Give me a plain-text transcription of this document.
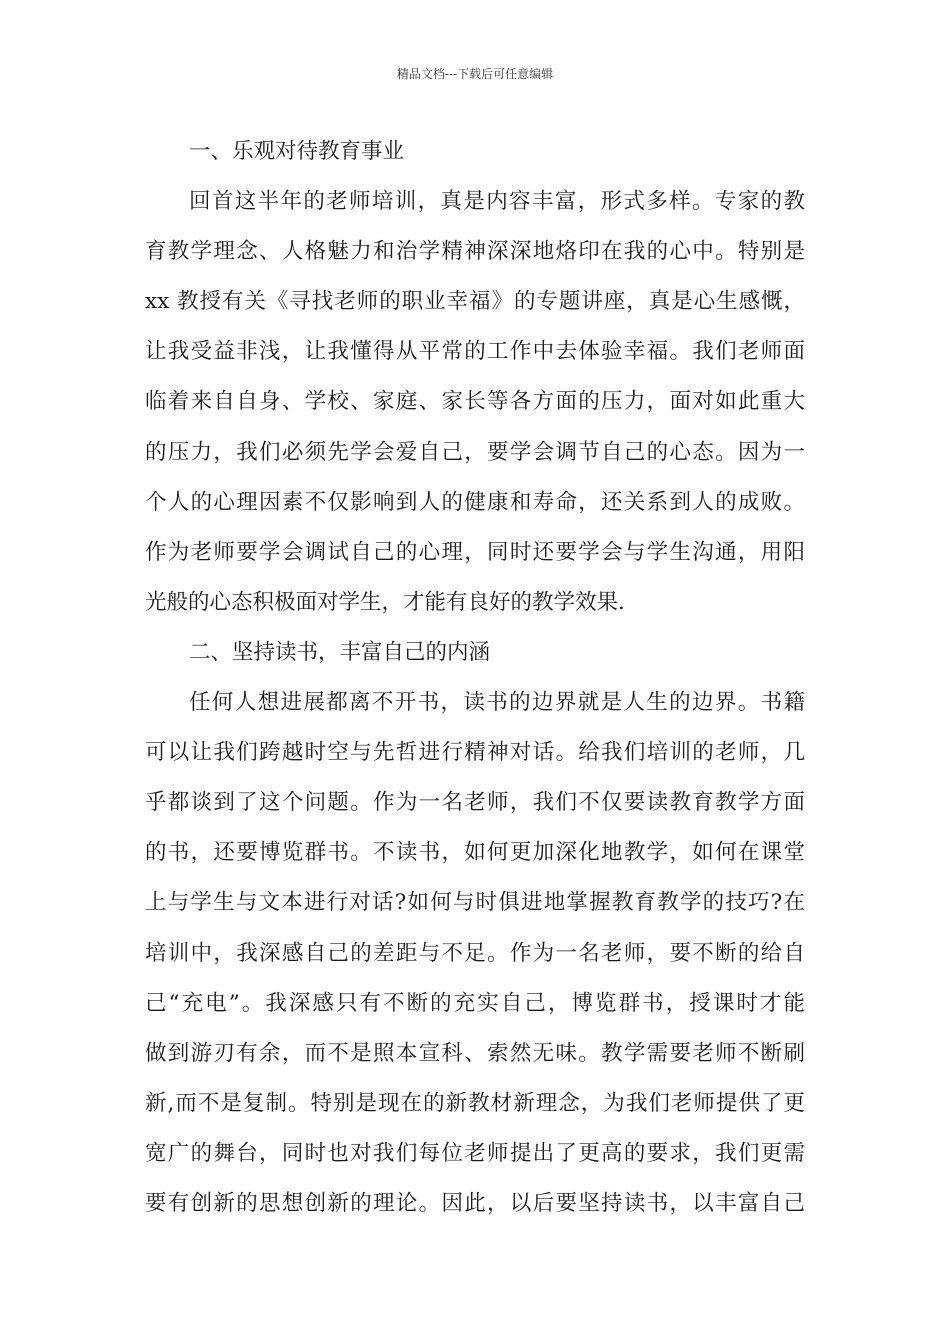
精品文档---下载后可任意编辑
一、乐观对待教育事业
回首这半年的老师培训，真是内容丰富，形式多样。专家的教
育教学理念、人格魅力和治学精神深深地烙印在我的心中。特别是
xx 教授有关《寻找老师的职业幸福》的专题讲座，真是心生感慨，
让我受益非浅，让我懂得从平常的工作中去体验幸福。我们老师面
临着来自自身、学校、家庭、家长等各方面的压力，面对如此重大
的压力，我们必须先学会爱自己，要学会调节自己的心态。因为一
个人的心理因素不仅影响到人的健康和寿命，还关系到人的成败。
作为老师要学会调试自己的心理，同时还要学会与学生沟通，用阳
光般的心态积极面对学生，才能有良好的教学效果.
二、坚持读书，丰富自己的内涵
任何人想进展都离不开书，读书的边界就是人生的边界。书籍
可以让我们跨越时空与先哲进行精神对话。给我们培训的老师，几
乎都谈到了这个问题。作为一名老师，我们不仅要读教育教学方面
的书，还要博览群书。不读书，如何更加深化地教学，如何在课堂
上与学生与文本进行对话?如何与时俱进地掌握教育教学的技巧?在
培训中，我深感自己的差距与不足。作为一名老师，要不断的给自
己“充电”。我深感只有不断的充实自己，博览群书，授课时才能
做到游刃有余，而不是照本宣科、索然无味。教学需要老师不断刷
新,而不是复制。特别是现在的新教材新理念，为我们老师提供了更
宽广的舞台，同时也对我们每位老师提出了更高的要求，我们更需
要有创新的思想创新的理论。因此，以后要坚持读书，以丰富自己
